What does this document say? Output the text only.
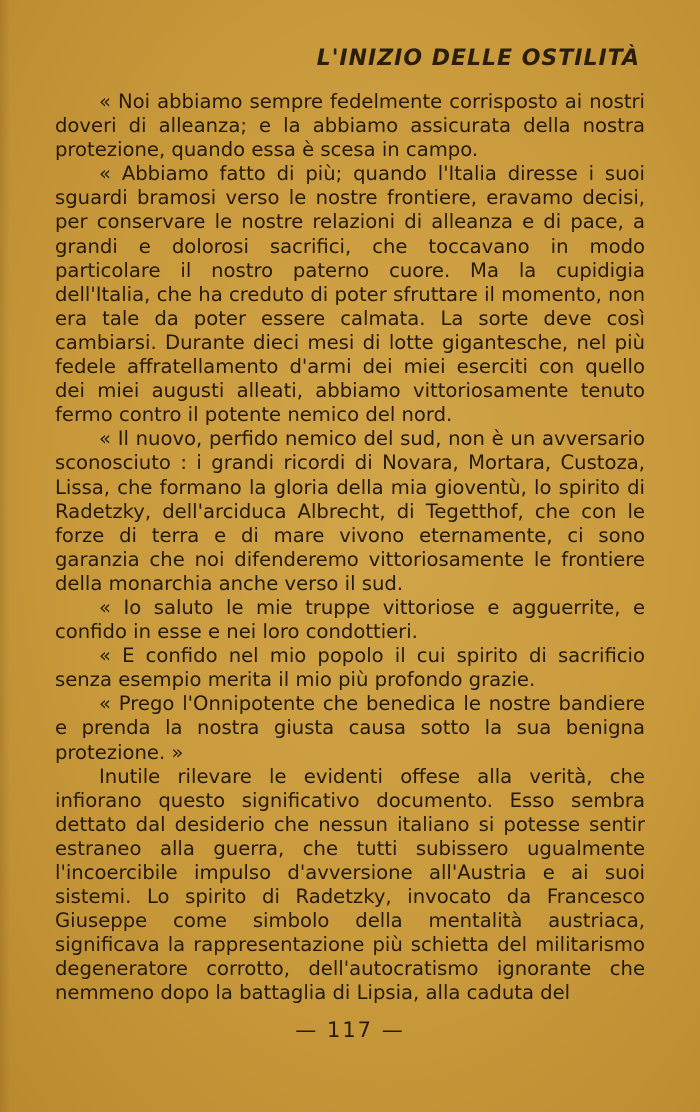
L'INIZIO DELLE OSTILITÀ

« Noi abbiamo sempre fedelmente corrisposto ai nostri doveri di alleanza; e la abbiamo assicurata della nostra protezione, quando essa è scesa in campo.

« Abbiamo fatto di più; quando l'Italia diresse i suoi sguardi bramosi verso le nostre frontiere, eravamo decisi, per conservare le nostre relazioni di alleanza e di pace, a grandi e dolorosi sacrifici, che toccavano in modo particolare il nostro paterno cuore. Ma la cupidigia dell'Italia, che ha creduto di poter sfruttare il momento, non era tale da poter essere calmata. La sorte deve così cambiarsi. Durante dieci mesi di lotte gigantesche, nel più fedele affratellamento d'armi dei miei eserciti con quello dei miei augusti alleati, abbiamo vittoriosamente tenuto fermo contro il potente nemico del nord.

« Il nuovo, perfido nemico del sud, non è un avversario sconosciuto : i grandi ricordi di Novara, Mortara, Custoza, Lissa, che formano la gloria della mia gioventù, lo spirito di Radetzky, dell'arciduca Albrecht, di Tegetthof, che con le forze di terra e di mare vivono eternamente, ci sono garanzia che noi difenderemo vittoriosamente le frontiere della monarchia anche verso il sud.

« Io saluto le mie truppe vittoriose e agguerrite, e confido in esse e nei loro condottieri.

« E confido nel mio popolo il cui spirito di sacrificio senza esempio merita il mio più profondo grazie.

« Prego l'Onnipotente che benedica le nostre bandiere e prenda la nostra giusta causa sotto la sua benigna protezione. »

Inutile rilevare le evidenti offese alla verità, che infiorano questo significativo documento. Esso sembra dettato dal desiderio che nessun italiano si potesse sentir estraneo alla guerra, che tutti subissero ugualmente l'incoercibile impulso d'avversione all'Austria e ai suoi sistemi. Lo spirito di Radetzky, invocato da Francesco Giuseppe come simbolo della mentalità austriaca, significava la rappresentazione più schietta del militarismo degeneratore corrotto, dell'autocratismo ignorante che nemmeno dopo la battaglia di Lipsia, alla caduta del

— 117 —
